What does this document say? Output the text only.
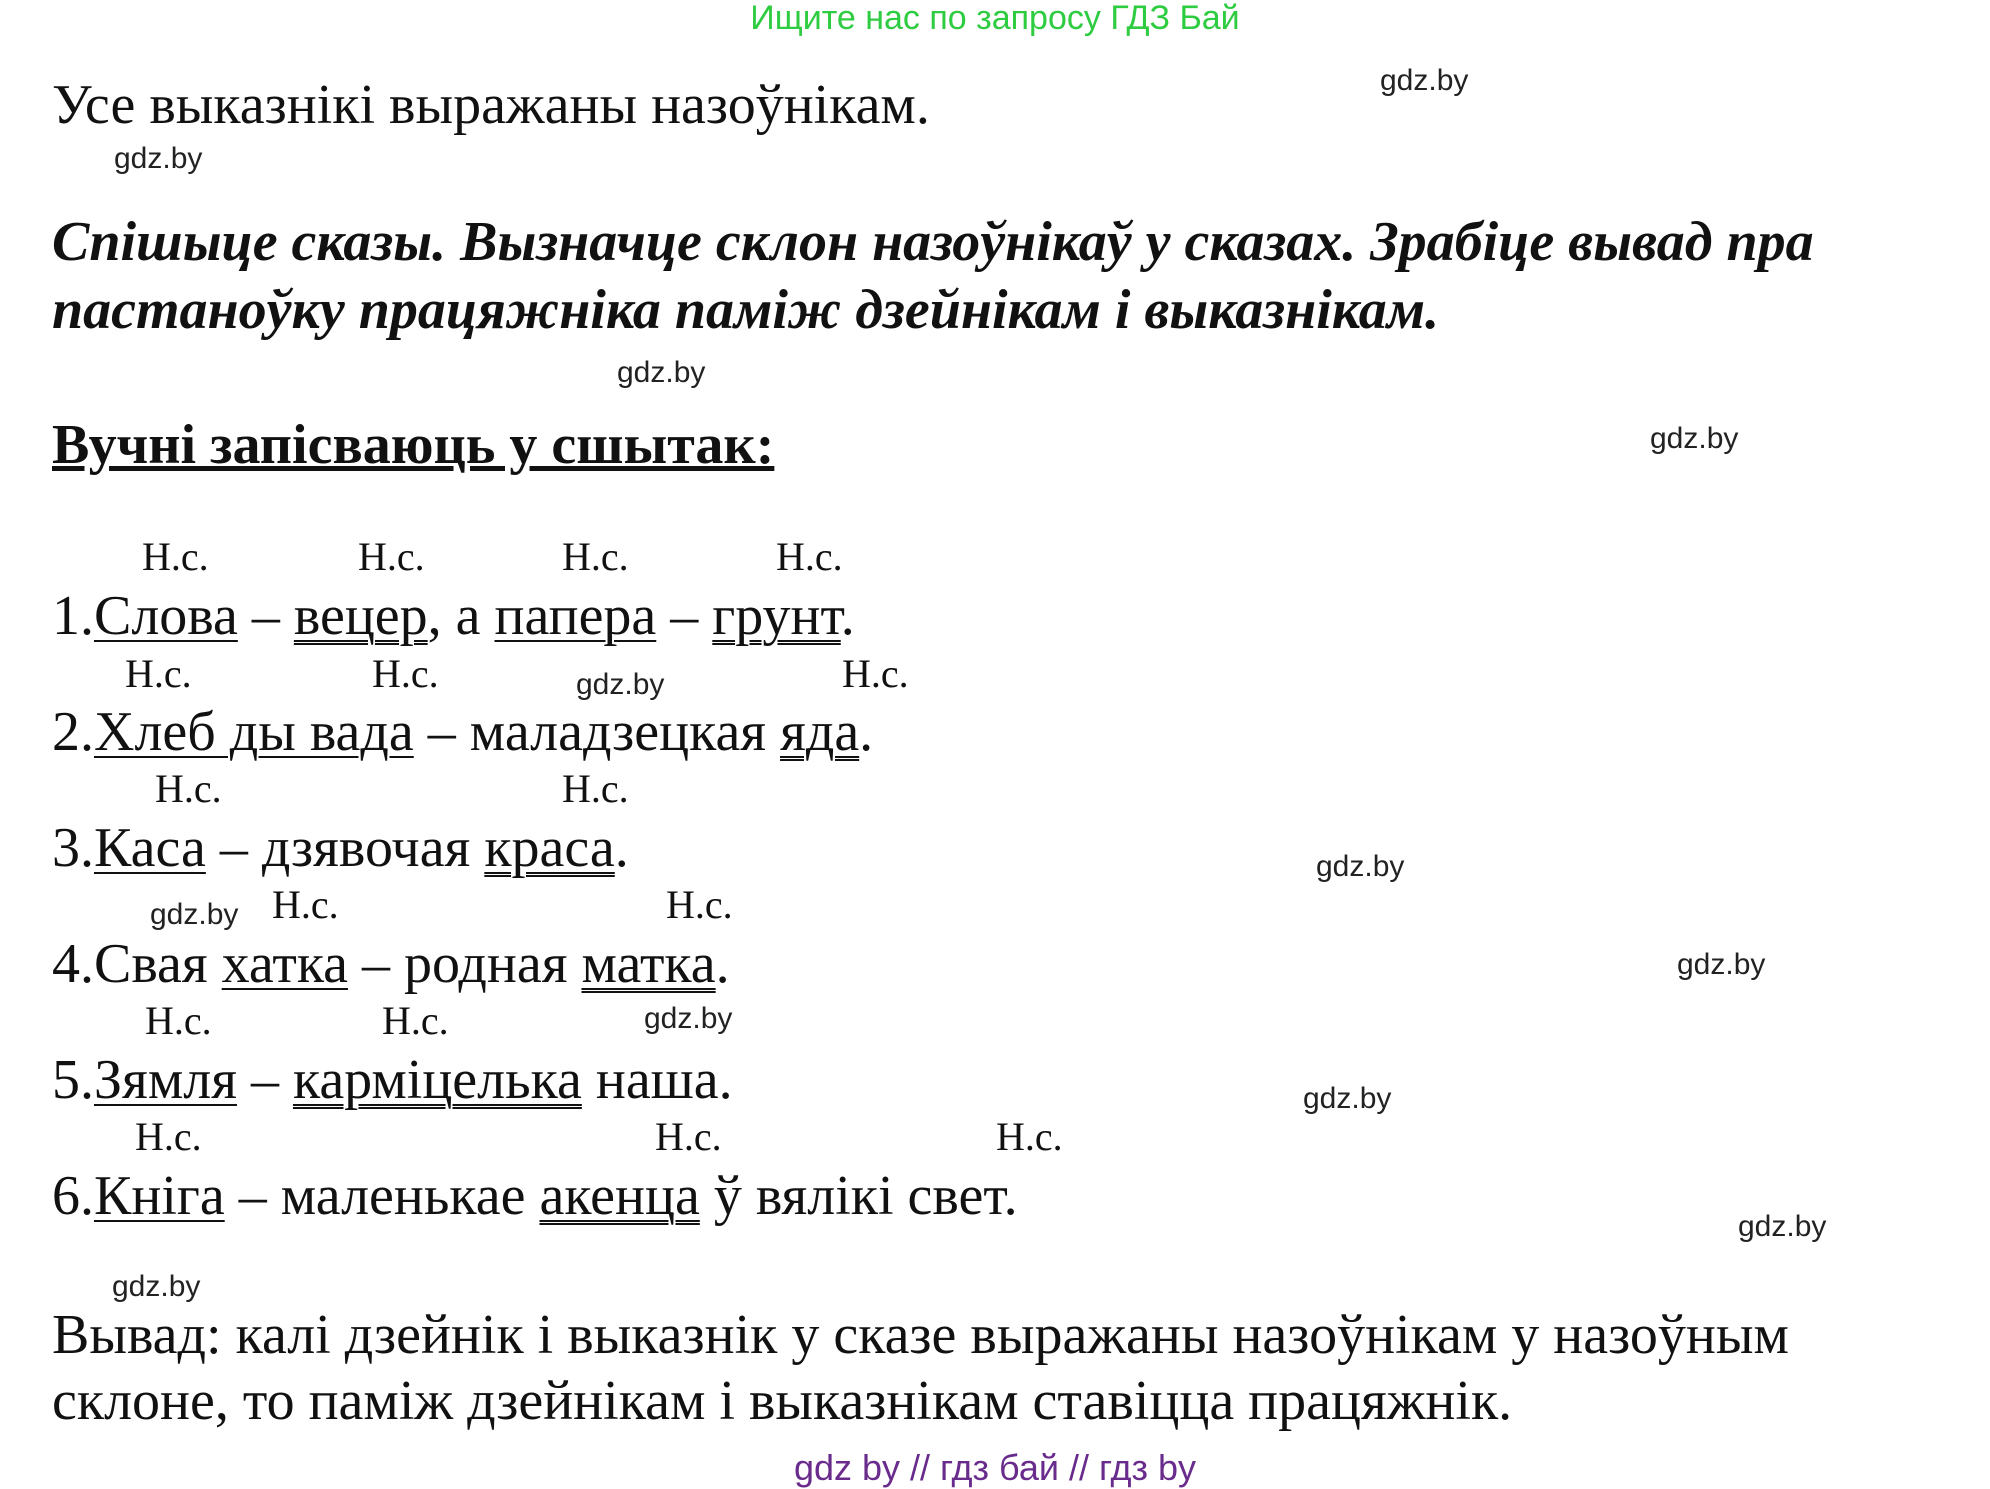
Ищите нас по запросу ГДЗ Бай
Усе выказнікі выражаны назоўнікам.
Спішыце сказы. Вызначце склон назоўнікаў у сказах. Зрабіце вывад пра
пастаноўку працяжніка паміж дзейнікам і выказнікам.
Вучні запісваюць у сшытак:
Н.с.	Н.с.	Н.с.	Н.с.
Н.с.	Н.с.	Н.с.
Н.с.	Н.с.
Н.с.	Н.с.
Н.с.	Н.с.
Н.с.	Н.с.	Н.с.
1.Слова – вецер, а папера – грунт.
2.Хлеб ды вада – маладзецкая яда.
3.Каса – дзявочая краса.
4.Свая хатка – родная матка.
5.Зямля – карміцелька наша.
6.Кніга – маленькае акенца ў вялікі свет.
gdz.by
gdz.by
gdz.by
gdz.by
gdz.by
gdz.by
gdz.by
gdz.by
gdz.by
gdz.by
gdz.by
gdz.by
Вывад: калі дзейнік і выказнік у сказе выражаны назоўнікам у назоўным склоне, то паміж дзейнікам і выказнікам ставіцца працяжнік.
gdz by // гдз бай // гдз by
